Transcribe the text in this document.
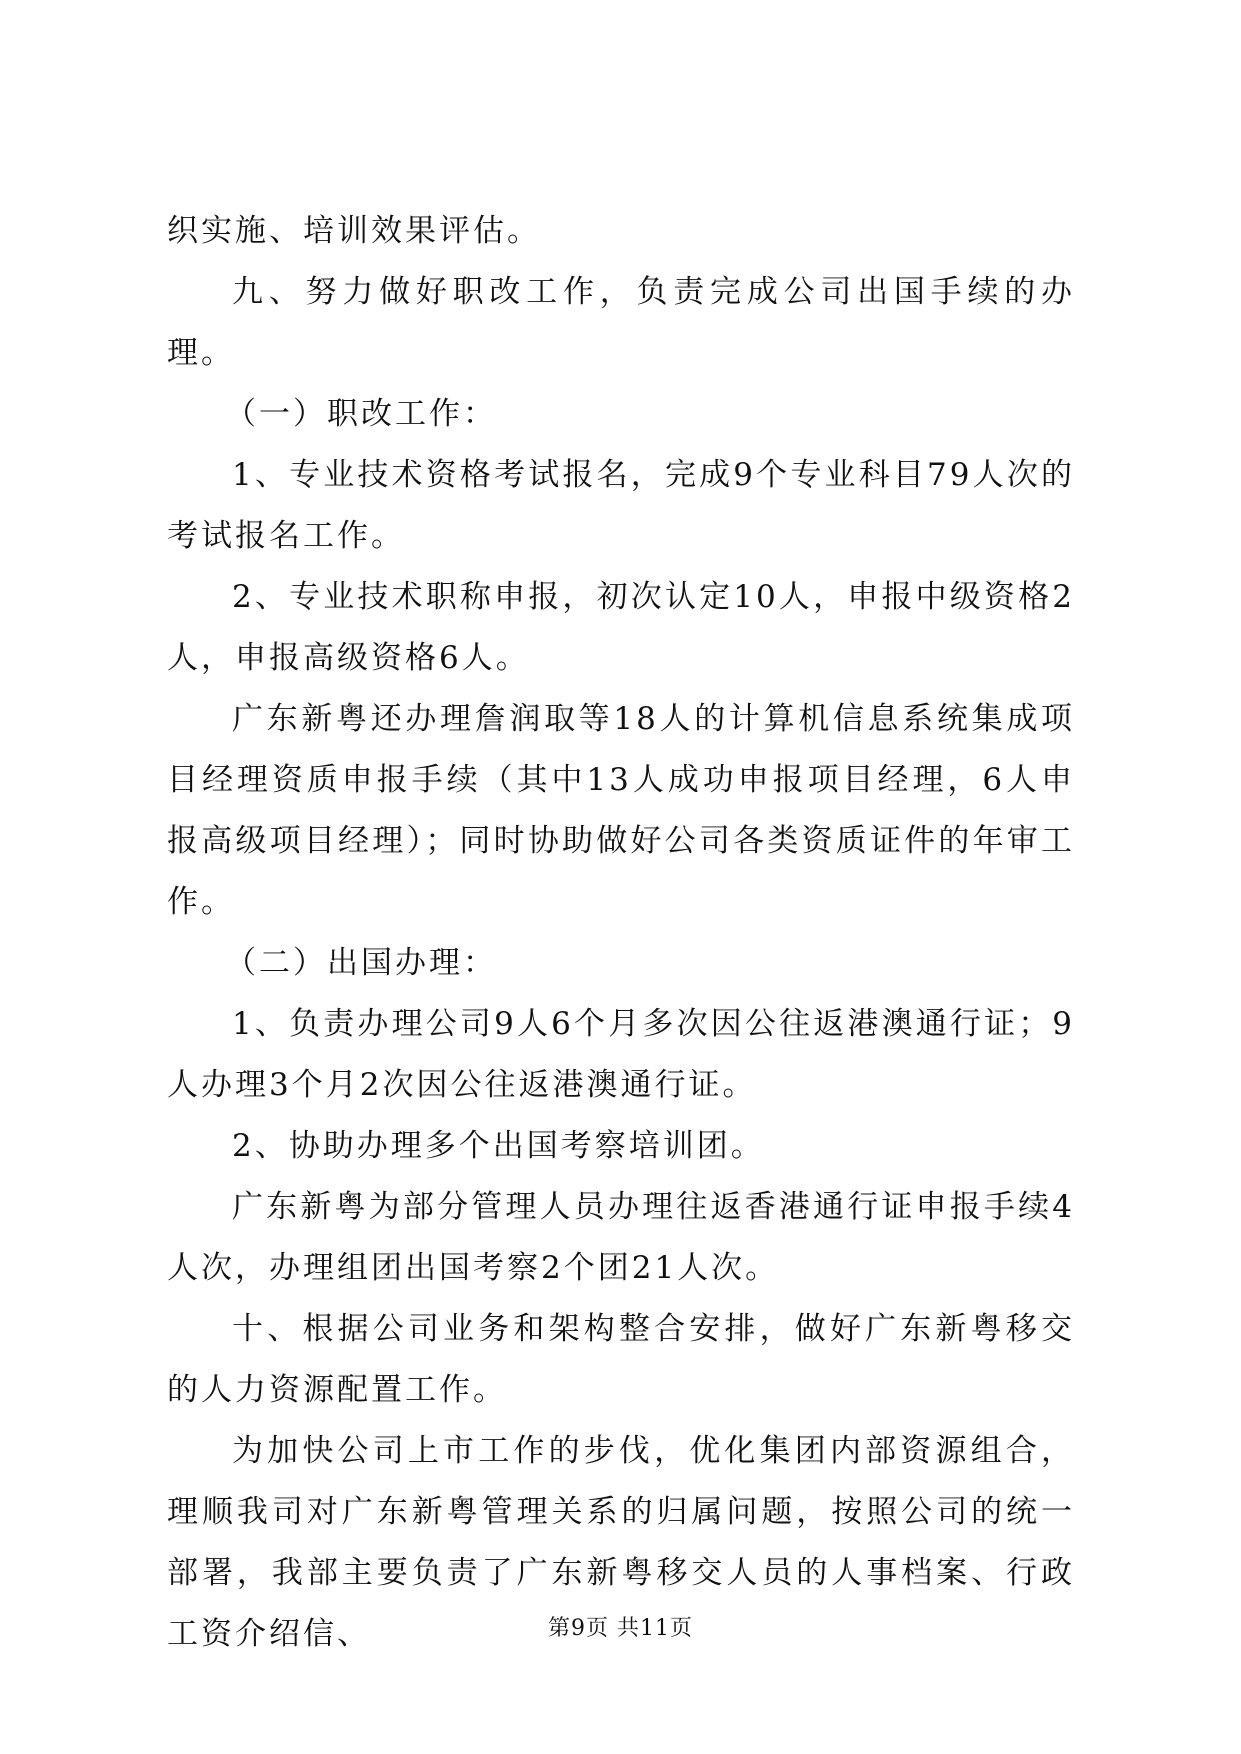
织实施、培训效果评估。

九、努力做好职改工作，负责完成公司出国手续的办理。

（一）职改工作：

1、专业技术资格考试报名，完成9个专业科目79人次的考试报名工作。

2、专业技术职称申报，初次认定10人，申报中级资格2人，申报高级资格6人。

广东新粤还办理詹润取等18人的计算机信息系统集成项目经理资质申报手续（其中13人成功申报项目经理，6人申报高级项目经理）；同时协助做好公司各类资质证件的年审工作。

（二）出国办理：

1、负责办理公司9人6个月多次因公往返港澳通行证；9人办理3个月2次因公往返港澳通行证。

2、协助办理多个出国考察培训团。

广东新粤为部分管理人员办理往返香港通行证申报手续4人次，办理组团出国考察2个团21人次。

十、根据公司业务和架构整合安排，做好广东新粤移交的人力资源配置工作。

为加快公司上市工作的步伐，优化集团内部资源组合，理顺我司对广东新粤管理关系的归属问题，按照公司的统一部署，我部主要负责了广东新粤移交人员的人事档案、行政工资介绍信、	第9页 共11页
